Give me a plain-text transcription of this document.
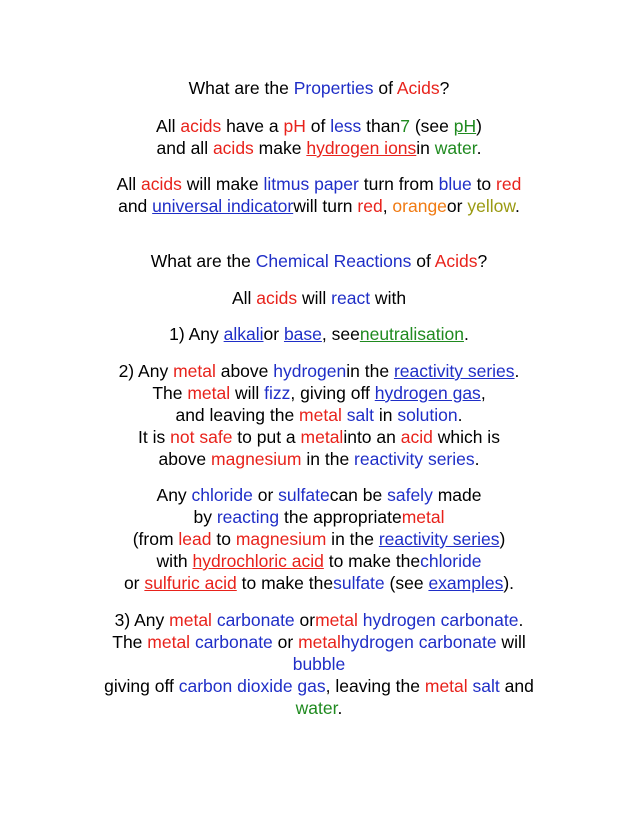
What are the Properties of Acids?
All acids have a pH of less than7 (see pH)
and all acids make hydrogen ionsin water.
All acids will make litmus paper turn from blue to red
and universal indicatorwill turn red, orangeor yellow.
What are the Chemical Reactions of Acids?
All acids will react with
1) Any alkalior base, seeneutralisation.
2) Any metal above hydrogenin the reactivity series.
The metal will fizz, giving off hydrogen gas,
and leaving the metal salt in solution.
It is not safe to put a metalinto an acid which is
above magnesium in the reactivity series.
Any chloride or sulfatecan be safely made
by reacting the appropriatemetal
(from lead to magnesium in the reactivity series)
with hydrochloric acid to make thechloride
or sulfuric acid to make thesulfate (see examples).
3) Any metal carbonate ormetal hydrogen carbonate.
The metal carbonate or metalhydrogen carbonate will
bubble
giving off carbon dioxide gas, leaving the metal salt and
water.
